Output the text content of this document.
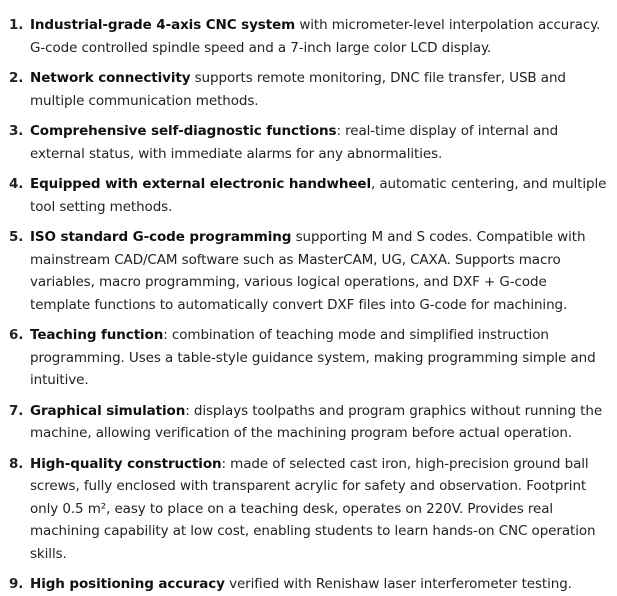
1. Industrial-grade 4-axis CNC system with micrometer-level interpolation accuracy. G-code controlled spindle speed and a 7-inch large color LCD display.
2. Network connectivity supports remote monitoring, DNC file transfer, USB and multiple communication methods.
3. Comprehensive self-diagnostic functions: real-time display of internal and external status, with immediate alarms for any abnormalities.
4. Equipped with external electronic handwheel, automatic centering, and multiple tool setting methods.
5. ISO standard G-code programming supporting M and S codes. Compatible with mainstream CAD/CAM software such as MasterCAM, UG, CAXA. Supports macro variables, macro programming, various logical operations, and DXF + G-code template functions to automatically convert DXF files into G-code for machining.
6. Teaching function: combination of teaching mode and simplified instruction programming. Uses a table-style guidance system, making programming simple and intuitive.
7. Graphical simulation: displays toolpaths and program graphics without running the machine, allowing verification of the machining program before actual operation.
8. High-quality construction: made of selected cast iron, high-precision ground ball screws, fully enclosed with transparent acrylic for safety and observation. Footprint only 0.5 m², easy to place on a teaching desk, operates on 220V. Provides real machining capability at low cost, enabling students to learn hands-on CNC operation skills.
9. High positioning accuracy verified with Renishaw laser interferometer testing.
